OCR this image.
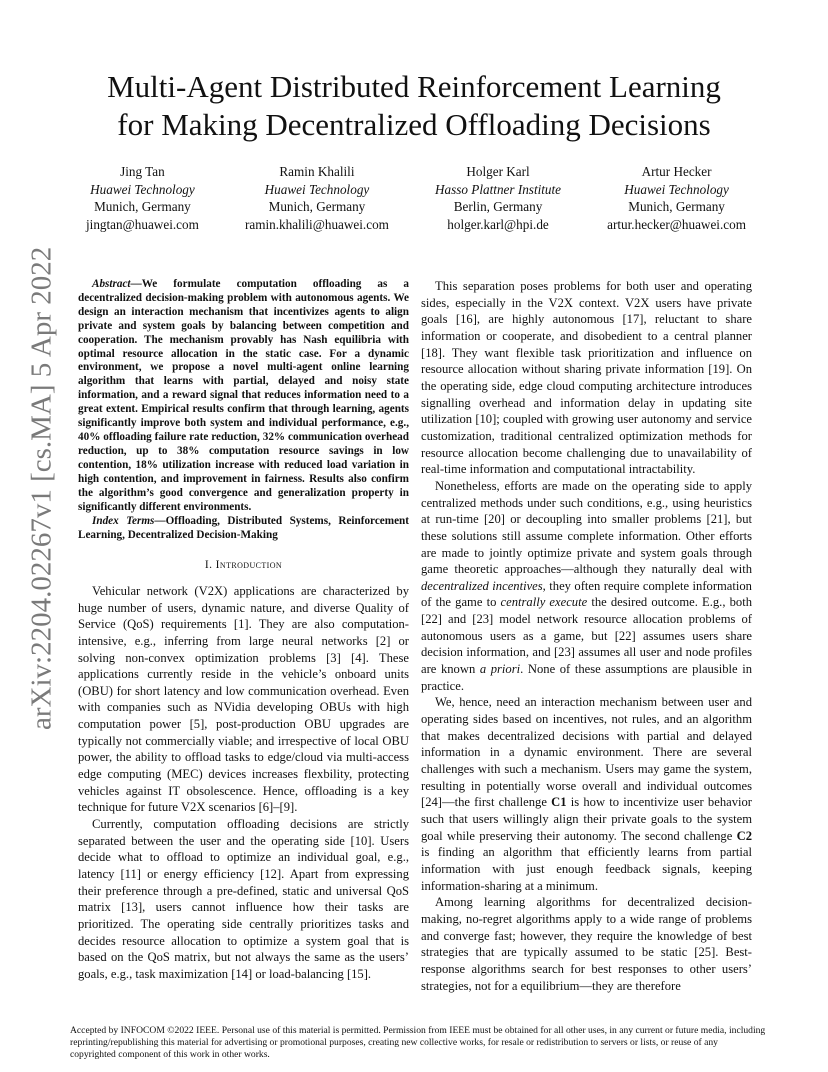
arXiv:2204.02267v1 [cs.MA] 5 Apr 2022
Multi-Agent Distributed Reinforcement Learning
for Making Decentralized Offloading Decisions
Jing Tan
Huawei Technology
Munich, Germany
jingtan@huawei.com
Ramin Khalili
Huawei Technology
Munich, Germany
ramin.khalili@huawei.com
Holger Karl
Hasso Plattner Institute
Berlin, Germany
holger.karl@hpi.de
Artur Hecker
Huawei Technology
Munich, Germany
artur.hecker@huawei.com

Abstract—We formulate computation offloading as a decentralized decision-making problem with autonomous agents. We design an interaction mechanism that incentivizes agents to align private and system goals by balancing between competition and cooperation. The mechanism provably has Nash equilibria with optimal resource allocation in the static case. For a dynamic environment, we propose a novel multi-agent online learning algorithm that learns with partial, delayed and noisy state information, and a reward signal that reduces information need to a great extent. Empirical results confirm that through learning, agents significantly improve both system and individual performance, e.g., 40% offloading failure rate reduction, 32% communication overhead reduction, up to 38% computation resource savings in low contention, 18% utilization increase with reduced load variation in high contention, and improvement in fairness. Results also confirm the algorithm’s good convergence and generalization property in significantly different environments.

Index Terms—Offloading, Distributed Systems, Reinforcement Learning, Decentralized Decision-Making

I. Introduction

Vehicular network (V2X) applications are characterized by huge number of users, dynamic nature, and diverse Quality of Service (QoS) requirements [1]. They are also computation-intensive, e.g., inferring from large neural networks [2] or solving non-convex optimization problems [3] [4]. These applications currently reside in the vehicle’s onboard units (OBU) for short latency and low communication overhead. Even with companies such as NVidia developing OBUs with high computation power [5], post-production OBU upgrades are typically not commercially viable; and irrespective of local OBU power, the ability to offload tasks to edge/cloud via multi-access edge computing (MEC) devices increases flexbility, protecting vehicles against IT obsolescence. Hence, offloading is a key technique for future V2X scenarios [6]–[9].

Currently, computation offloading decisions are strictly separated between the user and the operating side [10]. Users decide what to offload to optimize an individual goal, e.g., latency [11] or energy efficiency [12]. Apart from expressing their preference through a pre-defined, static and universal QoS matrix [13], users cannot influence how their tasks are prioritized. The operating side centrally prioritizes tasks and decides resource allocation to optimize a system goal that is based on the QoS matrix, but not always the same as the users’ goals, e.g., task maximization [14] or load-balancing [15].

This separation poses problems for both user and operating sides, especially in the V2X context. V2X users have private goals [16], are highly autonomous [17], reluctant to share information or cooperate, and disobedient to a central planner [18]. They want flexible task prioritization and influence on resource allocation without sharing private information [19]. On the operating side, edge cloud computing architecture introduces signalling overhead and information delay in updating site utilization [10]; coupled with growing user autonomy and service customization, traditional centralized optimization methods for resource allocation become challenging due to unavailability of real-time information and computational intractability.

Nonetheless, efforts are made on the operating side to apply centralized methods under such conditions, e.g., using heuristics at run-time [20] or decoupling into smaller problems [21], but these solutions still assume complete information. Other efforts are made to jointly optimize private and system goals through game theoretic approaches—although they naturally deal with decentralized incentives, they often require complete information of the game to centrally execute the desired outcome. E.g., both [22] and [23] model network resource allocation problems of autonomous users as a game, but [22] assumes users share decision information, and [23] assumes all user and node profiles are known a priori. None of these assumptions are plausible in practice.

We, hence, need an interaction mechanism between user and operating sides based on incentives, not rules, and an algorithm that makes decentralized decisions with partial and delayed information in a dynamic environment. There are several challenges with such a mechanism. Users may game the system, resulting in potentially worse overall and individual outcomes [24]—the first challenge C1 is how to incentivize user behavior such that users willingly align their private goals to the system goal while preserving their autonomy. The second challenge C2 is finding an algorithm that efficiently learns from partial information with just enough feedback signals, keeping information-sharing at a minimum.

Among learning algorithms for decentralized decision-making, no-regret algorithms apply to a wide range of problems and converge fast; however, they require the knowledge of best strategies that are typically assumed to be static [25]. Best-response algorithms search for best responses to other users’ strategies, not for a equilibrium—they are therefore

Accepted by INFOCOM ©2022 IEEE. Personal use of this material is permitted. Permission from IEEE must be obtained for all other uses, in any current or future media, including reprinting/republishing this material for advertising or promotional purposes, creating new collective works, for resale or redistribution to servers or lists, or reuse of any copyrighted component of this work in other works.
